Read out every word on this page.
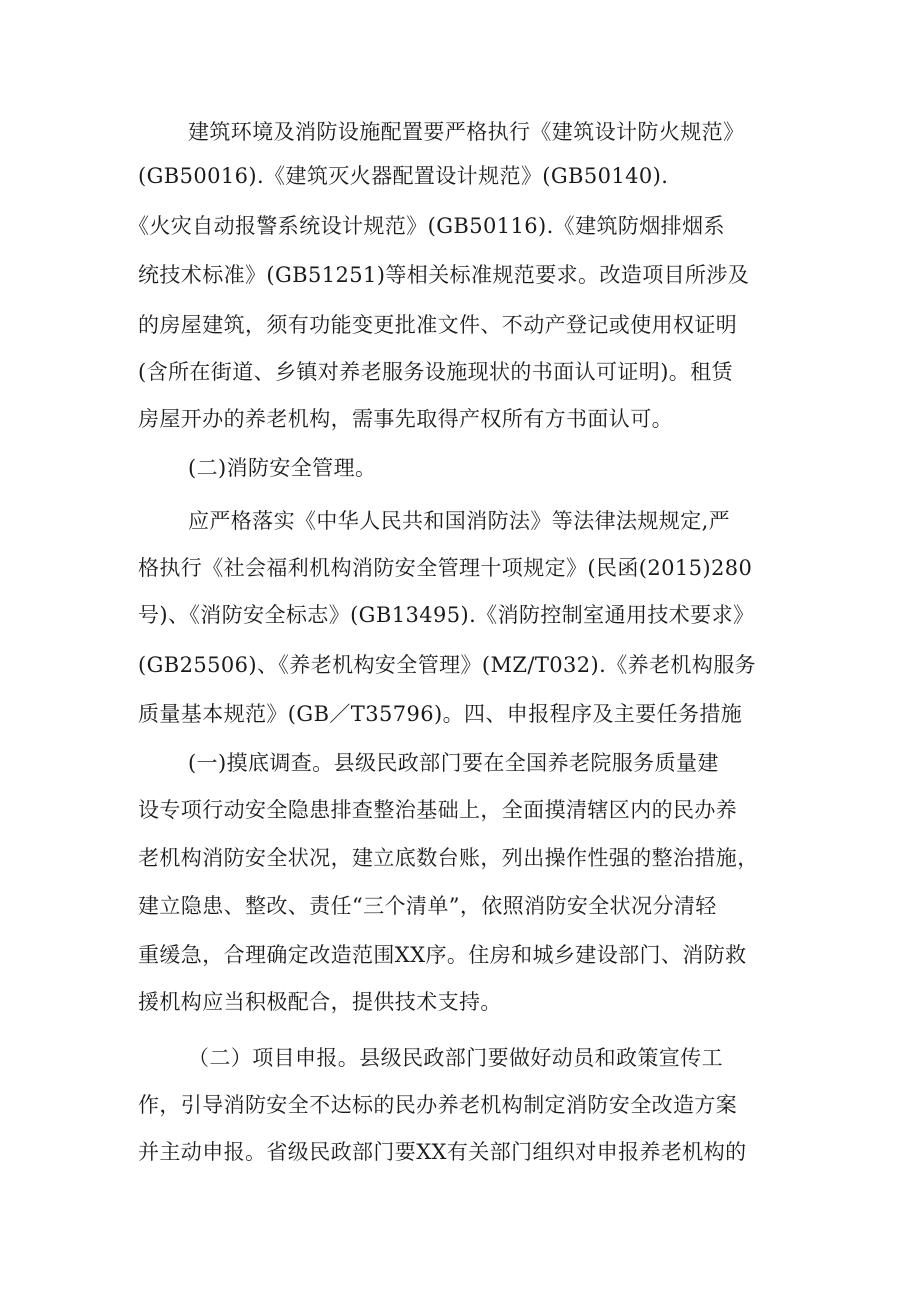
建筑环境及消防设施配置要严格执行《建筑设计防火规范》
(GB50016).《建筑灭火器配置设计规范》(GB50140).
《火灾自动报警系统设计规范》(GB50116).《建筑防烟排烟系
统技术标准》(GB51251)等相关标准规范要求。改造项目所涉及
的房屋建筑，须有功能变更批准文件、不动产登记或使用权证明
(含所在街道、乡镇对养老服务设施现状的书面认可证明)。租赁
房屋开办的养老机构，需事先取得产权所有方书面认可。
(二)消防安全管理。
应严格落实《中华人民共和国消防法》等法律法规规定,严
格执行《社会福利机构消防安全管理十项规定》(民函(2015)280
号)、《消防安全标志》(GB13495).《消防控制室通用技术要求》
(GB25506)、《养老机构安全管理》(MZ/T032).《养老机构服务
质量基本规范》(GB／T35796)。四、申报程序及主要任务措施
(一)摸底调查。县级民政部门要在全国养老院服务质量建
设专项行动安全隐患排查整治基础上，全面摸清辖区内的民办养
老机构消防安全状况，建立底数台账，列出操作性强的整治措施，
建立隐患、整改、责任“三个清单”，依照消防安全状况分清轻
重缓急，合理确定改造范围XX序。住房和城乡建设部门、消防救
援机构应当积极配合，提供技术支持。
（二）项目申报。县级民政部门要做好动员和政策宣传工
作，引导消防安全不达标的民办养老机构制定消防安全改造方案
并主动申报。省级民政部门要XX有关部门组织对申报养老机构的
